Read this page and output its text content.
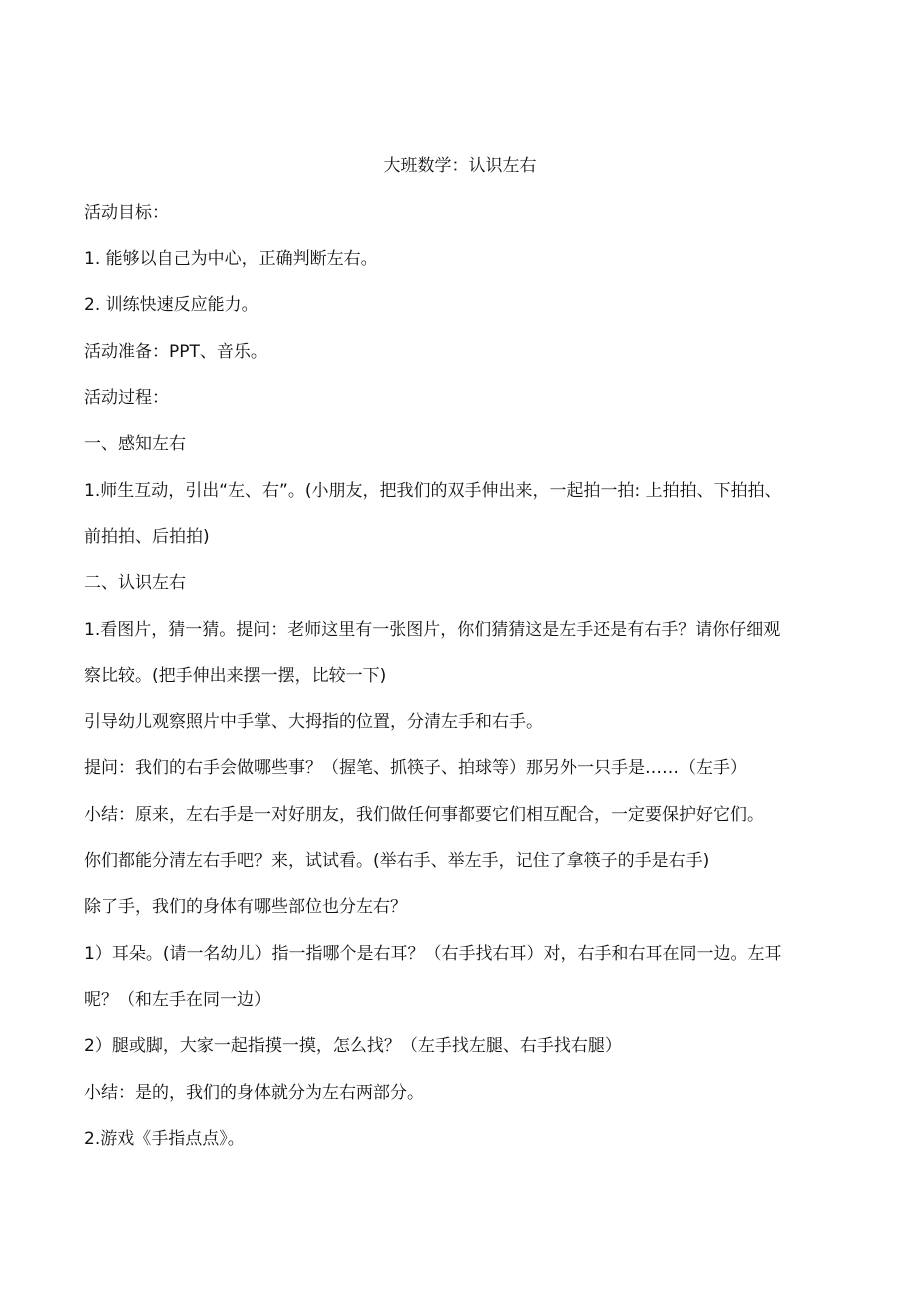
大班数学：认识左右
活动目标：
1. 能够以自己为中心，正确判断左右。
2. 训练快速反应能力。
活动准备：PPT、音乐。
活动过程：
一、感知左右
1.师生互动，引出“左、右”。(小朋友，把我们的双手伸出来，一起拍一拍: 上拍拍、下拍拍、
前拍拍、后拍拍)
二、认识左右
1.看图片，猜一猜。提问：老师这里有一张图片，你们猜猜这是左手还是有右手？请你仔细观
察比较。(把手伸出来摆一摆，比较一下)
引导幼儿观察照片中手掌、大拇指的位置，分清左手和右手。
提问：我们的右手会做哪些事？（握笔、抓筷子、拍球等）那另外一只手是……（左手）
小结：原来，左右手是一对好朋友，我们做任何事都要它们相互配合，一定要保护好它们。
你们都能分清左右手吧？来，试试看。(举右手、举左手，记住了拿筷子的手是右手)
除了手，我们的身体有哪些部位也分左右？
1）耳朵。(请一名幼儿）指一指哪个是右耳？（右手找右耳）对，右手和右耳在同一边。左耳
呢？（和左手在同一边）
2）腿或脚，大家一起指摸一摸，怎么找？（左手找左腿、右手找右腿）
小结：是的，我们的身体就分为左右两部分。
2.游戏《手指点点》。
